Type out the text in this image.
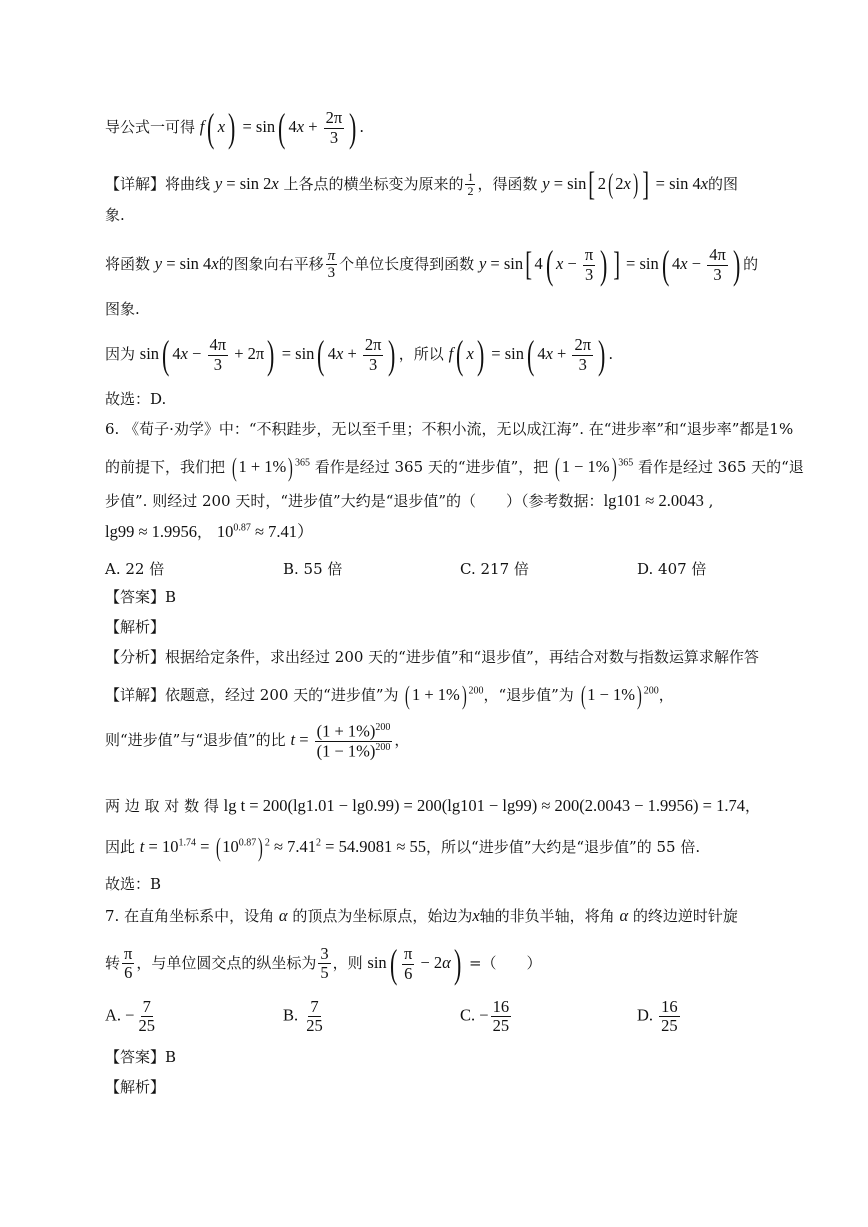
导公式一可得 f( x) = sin( $4x + \frac{2\pi}{3}$ ) .
【详解】将曲线 y = sin 2x 上各点的横坐标变为原来的 $\frac{1}{2}$ ，得函数 y = sin[ 2( 2x) ] = sin 4x的图
象.
将函数 y = sin 4x的图象向右平移 $\frac{\pi}{3}$ 个单位长度得到函数 y = sin[ 4( $x - \frac{\pi}{3}$ ) ] = sin( $4x - \frac{4\pi}{3}$ ) 的
图象.
因为 sin( $4x - \frac{4\pi}{3} + 2\pi) = \sin$( $4x + \frac{2\pi}{3}$ ) ，所以 f( x) = sin( $4x + \frac{2\pi}{3}$ ) .
故选：D.
6. 《荀子·劝学》中：“不积跬步，无以至千里；不积小流，无以成江海”. 在“进步率”和“退步率”都是1%
的前提下，我们把 ( 1 + 1%) $^{365}$ 看作是经过 365 天的“进步值”，把 ( 1 − 1%) $^{365}$ 看作是经过 365 天的“退
步值”. 则经过 200 天时，“进步值”大约是“退步值”的（　　）（参考数据：lg101 ≈ 2.0043 ,
lg99 ≈ 1.9956， $10^{0.87} \approx 7.41$）
A. 22 倍	B. 55 倍	C. 217 倍	D. 407 倍
【答案】B
【解析】
【分析】根据给定条件，求出经过 200 天的“进步值”和“退步值”，再结合对数与指数运算求解作答
【详解】依题意，经过 200 天的“进步值”为 ( 1 + 1%) $^{200}$，“退步值”为 ( 1 − 1%) $^{200}$，
则“进步值”与“退步值”的比 $t = \frac{(1 + 1\%)^{200}}{(1 - 1\%)^{200}}$ ，
两 边 取 对 数 得 lg t = 200(lg1.01 − lg0.99) = 200(lg101 − lg99) ≈ 200(2.0043 − 1.9956) = 1.74，
因此 $t = 10^{1.74}$ = ( $10^{0.87}$) $^2 \approx 7.41^2 = 54.9081 \approx 55$，所以“进步值”大约是“退步值”的 55 倍.
故选：B
7. 在直角坐标系中，设角 α 的顶点为坐标原点，始边为x轴的非负半轴，将角 α 的终边逆时针旋
转 $\frac{\pi}{6}$ ，与单位圆交点的纵坐标为 $\frac{3}{5}$ ，则 $\sin( \frac{\pi}{6} - 2\alpha)$ =（　　）
A. − $\frac{7}{25}$	B. $\frac{7}{25}$	C. − $\frac{16}{25}$	D. $\frac{16}{25}$
【答案】B
【解析】
